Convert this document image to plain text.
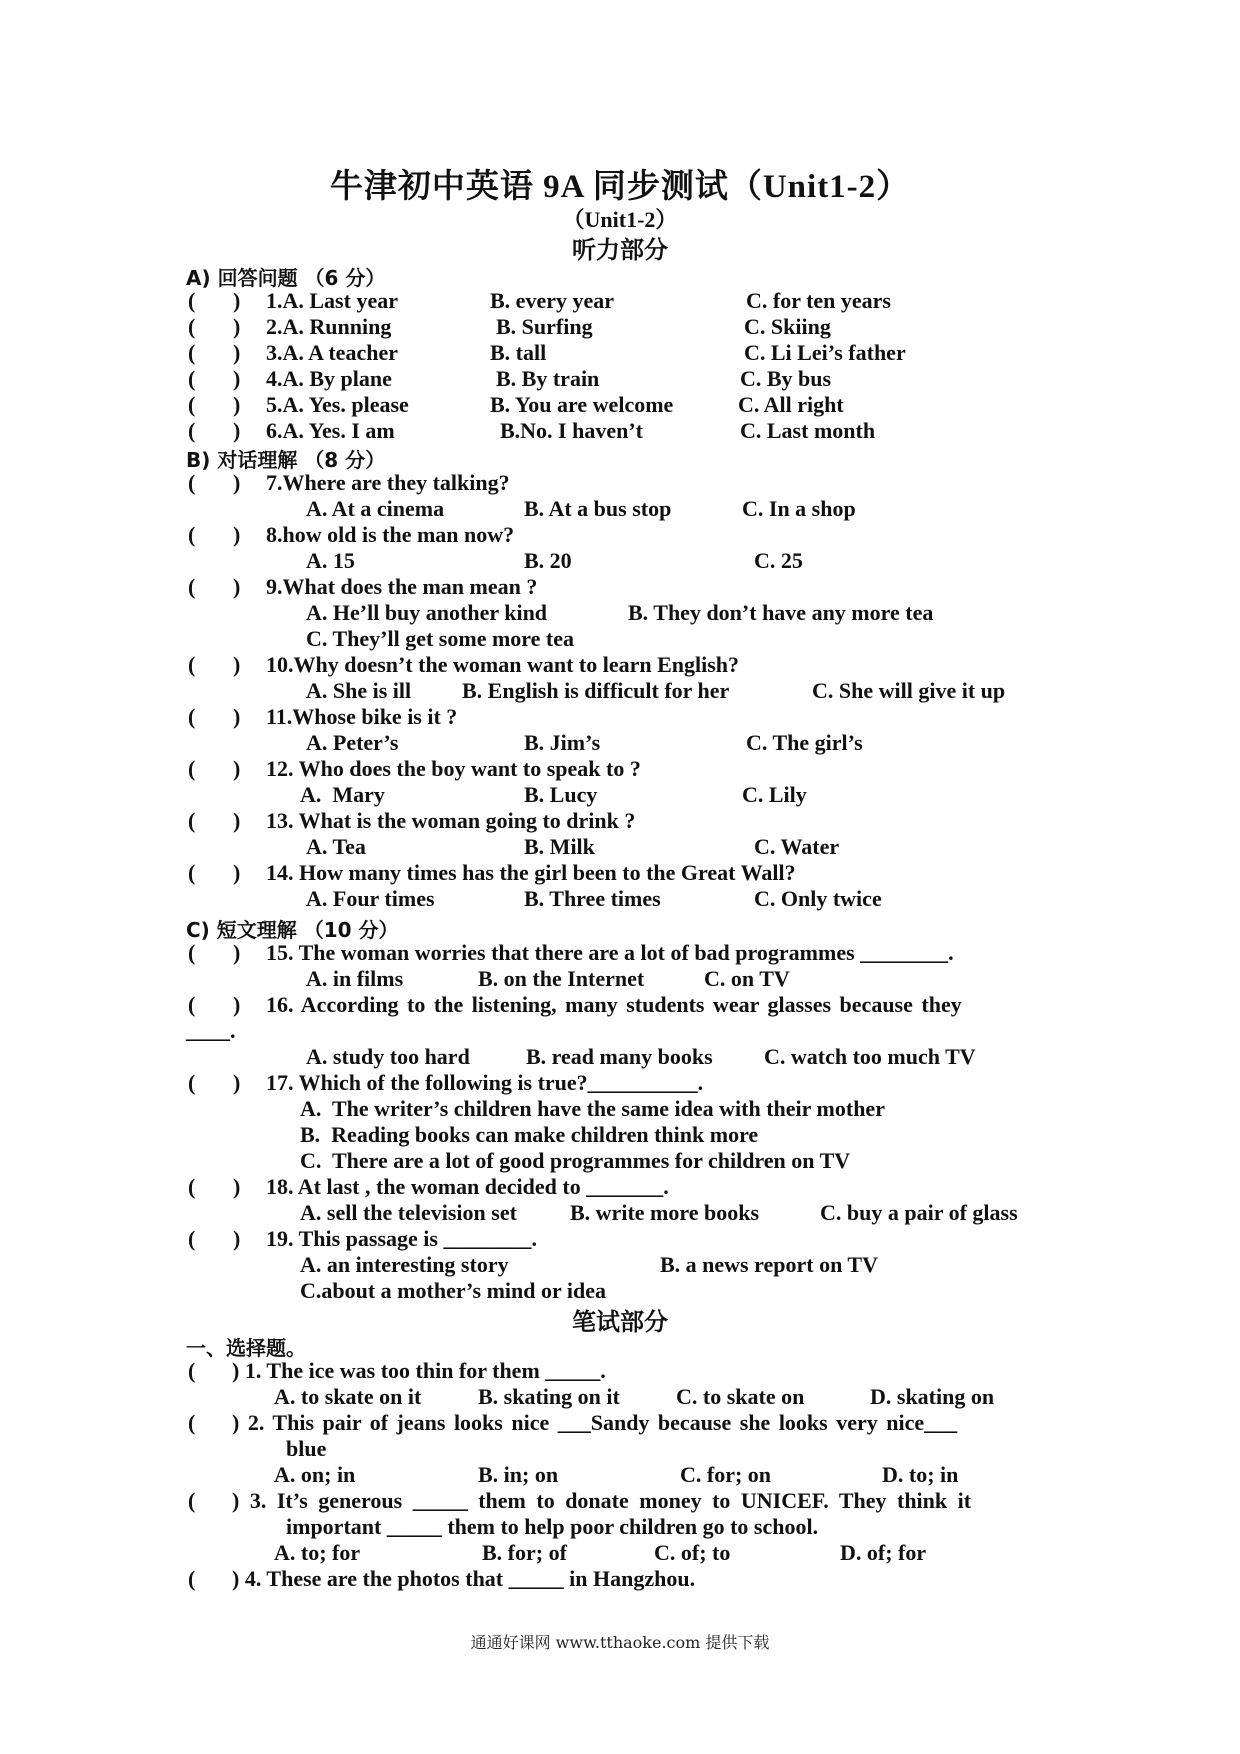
牛津初中英语 9A 同步测试（Unit1-2）
（Unit1-2）
听力部分
A) 回答问题 （6 分）
( ) 1.A. Last year	B. every year	C. for ten years
( ) 2.A. Running	B. Surfing	C. Skiing
( ) 3.A. A teacher	B. tall	C. Li Lei’s father
( ) 4.A. By plane	B. By train	C. By bus
( ) 5.A. Yes. please	B. You are welcome	C. All right
( ) 6.A. Yes. I am	B.No. I haven’t	C. Last month
B) 对话理解 （8 分）
( ) 7.Where are they talking?
A. At a cinema	B. At a bus stop	C. In a shop
( ) 8.how old is the man now?
A. 15	B. 20	C. 25
( ) 9.What does the man mean ?
A. He’ll buy another kind	B. They don’t have any more tea
C. They’ll get some more tea
( ) 10.Why doesn’t the woman want to learn English?
A. She is ill B. English is difficult for her	C. She will give it up
( ) 11.Whose bike is it ?
A. Peter’s	B. Jim’s	C. The girl’s
( ) 12. Who does the boy want to speak to ?
A.  Mary	B. Lucy	C. Lily
( ) 13. What is the woman going to drink ?
A. Tea	B. Milk	C. Water
( ) 14. How many times has the girl been to the Great Wall?
A. Four times	B. Three times	C. Only twice
C) 短文理解 （10 分）
( ) 15. The woman worries that there are a lot of bad programmes ________.
A. in films	B. on the Internet	C. on TV
( ) 16. According to the listening, many students wear glasses because they
____.
A. study too hard	B. read many books C. watch too much TV
( ) 17. Which of the following is true?__________.
A.  The writer’s children have the same idea with their mother
B.  Reading books can make children think more
C.  There are a lot of good programmes for children on TV
( ) 18. At last , the woman decided to _______.
A. sell the television set B. write more books	C. buy a pair of glass
( ) 19. This passage is ________.
A. an interesting story	B. a news report on TV
C.about a mother’s mind or idea
笔试部分
一、选择题。
( ) 1. The ice was too thin for them _____.
A. to skate on it	B. skating on it	C. to skate on	D. skating on
( ) 2. This pair of jeans looks nice ___Sandy because she looks very nice___
blue
A. on; in	B. in; on	C. for; on	D. to; in
( ) 3. It’s generous _____ them to donate money to UNICEF. They think it
important _____ them to help poor children go to school.
A. to; for	B. for; of	C. of; to	D. of; for
( ) 4. These are the photos that _____ in Hangzhou.
通通好课网 www.tthaoke.com 提供下载
